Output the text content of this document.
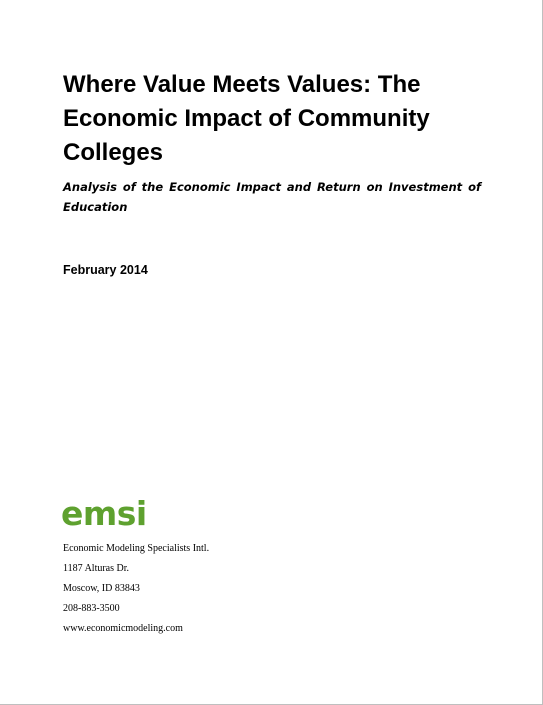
Where Value Meets Values: The Economic Impact of Community Colleges

Analysis of the Economic Impact and Return on Investment of Education

February 2014

emsi
Economic Modeling Specialists Intl.
1187 Alturas Dr.
Moscow, ID 83843
208-883-3500
www.economicmodeling.com
